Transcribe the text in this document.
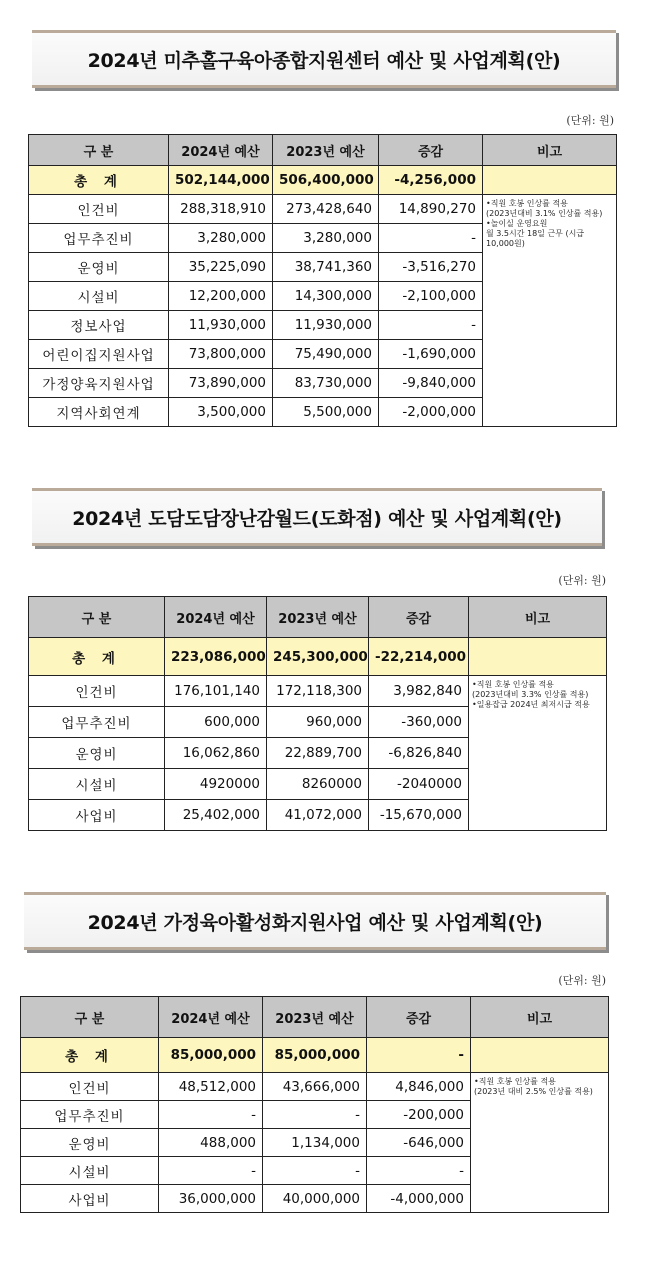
2024년 미추홀구육아종합지원센터 예산 및 사업계획(안)
(단위: 원)
구 분	2024년 예산	2023년 예산	증감	비고
총 계	502,144,000	506,400,000	-4,256,000	
인건비	288,318,910	273,428,640	14,890,270	•직원 호봉 인상률 적용
(2023년대비 3.1% 인상률 적용)
•놀이실 운영요원
월 3.5시간 18일 근무 (시급 10,000원)

업무추진비	3,280,000	3,280,000	-	
운영비	35,225,090	38,741,360	-3,516,270	
시설비	12,200,000	14,300,000	-2,100,000	
정보사업	11,930,000	11,930,000	-	
어린이집지원사업	73,800,000	75,490,000	-1,690,000	
가정양육지원사업	73,890,000	83,730,000	-9,840,000	
지역사회연계	3,500,000	5,500,000	-2,000,000	
2024년 도담도담장난감월드(도화점) 예산 및 사업계획(안)
(단위: 원)
구 분	2024년 예산	2023년 예산	증감	비고
총 계	223,086,000	245,300,000	-22,214,000	
인건비	176,101,140	172,118,300	3,982,840	•직원 호봉 인상률 적용
(2023년대비 3.3% 인상률 적용)
•일용잡급 2024년 최저시급 적용

업무추진비	600,000	960,000	-360,000	
운영비	16,062,860	22,889,700	-6,826,840	
시설비	4920000	8260000	-2040000	
사업비	25,402,000	41,072,000	-15,670,000	
2024년 가정육아활성화지원사업 예산 및 사업계획(안)
(단위: 원)
구 분	2024년 예산	2023년 예산	증감	비고
총 계	85,000,000	85,000,000	-	
인건비	48,512,000	43,666,000	4,846,000	•직원 호봉 인상률 적용
(2023년 대비 2.5% 인상률 적용)

업무추진비	-	-	-200,000	
운영비	488,000	1,134,000	-646,000	
시설비	-	-	-	
사업비	36,000,000	40,000,000	-4,000,000	
